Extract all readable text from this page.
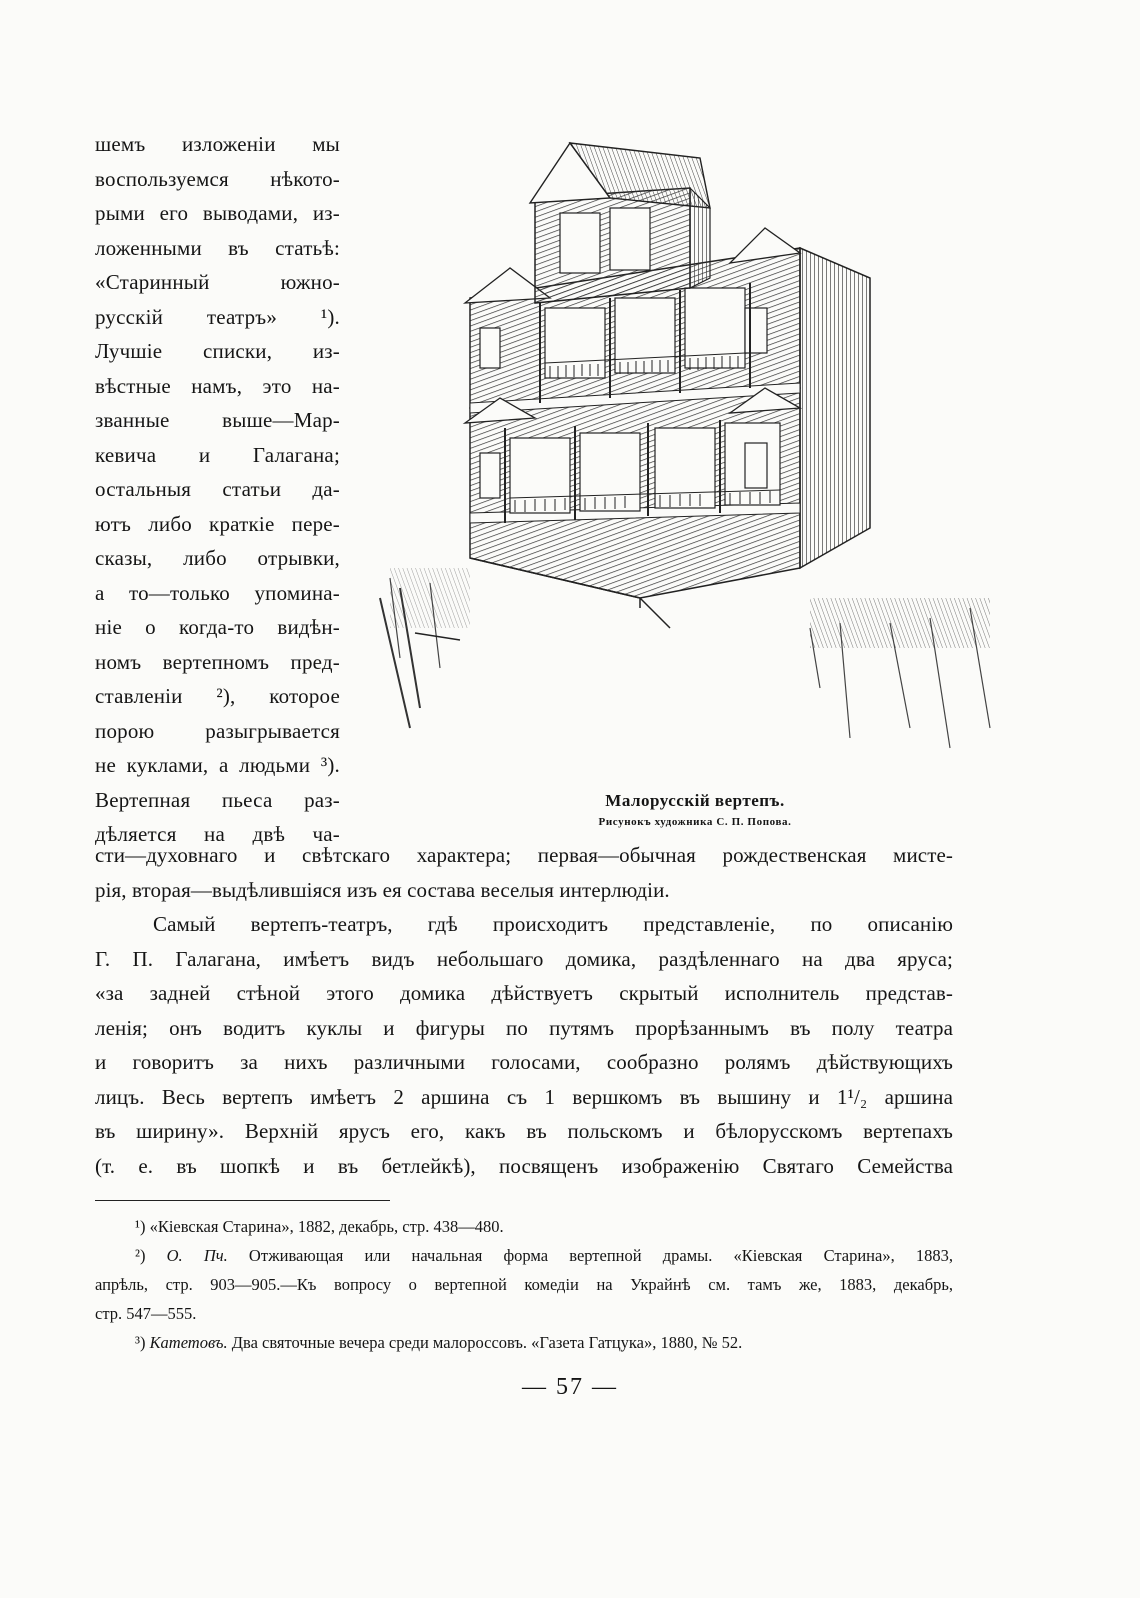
шемъ изложеніи мы
воспользуемся нѣкото-
рыми его выводами, из-
ложенными въ статьѣ:
«Старинный южно-
русскій театръ» ¹).
Лучшіе списки, из-
вѣстные намъ, это на-
званные выше—Мар-
кевича и Галагана;
остальныя статьи да-
ютъ либо краткіе пере-
сказы, либо отрывки,
а то—только упомина-
ніе о когда-то видѣн-
номъ вертепномъ пред-
ставленіи ²), которое
порою разыгрывается
не куклами, а людьми ³).
Вертепная пьеса раз-
дѣляется на двѣ ча-
Малорусскій вертепъ.
Рисунокъ художника С. П. Попова.
сти—духовнаго и свѣтскаго характера; первая—обычная рождественская мисте-
рія, вторая—выдѣлившіяся изъ ея состава веселыя интерлюдіи.
Самый вертепъ-театръ, гдѣ происходитъ представленіе, по описанію
Г. П. Галагана, имѣетъ видъ небольшаго домика, раздѣленнаго на два яруса;
«за задней стѣной этого домика дѣйствуетъ скрытый исполнитель представ-
ленія; онъ водитъ куклы и фигуры по путямъ прорѣзаннымъ въ полу театра
и говоритъ за нихъ различными голосами, сообразно ролямъ дѣйствующихъ
лицъ. Весь вертепъ имѣетъ 2 аршина съ 1 вершкомъ въ вышину и 1¹/₂ аршина
въ ширину». Верхній ярусъ его, какъ въ польскомъ и бѣлорусскомъ вертепахъ
(т. е. въ шопкѣ и въ бетлейкѣ), посвященъ изображенію Святаго Семейства
¹) «Кіевская Старина», 1882, декабрь, стр. 438—480.
²) О. Пч. Отживающая или начальная форма вертепной драмы. «Кіевская Старина», 1883,
апрѣль, стр. 903—905.—Къ вопросу о вертепной комедіи на Украйнѣ см. тамъ же, 1883, декабрь,
стр. 547—555.
³) Катетовъ. Два святочные вечера среди малороссовъ. «Газета Гатцука», 1880, № 52.
— 57 —
